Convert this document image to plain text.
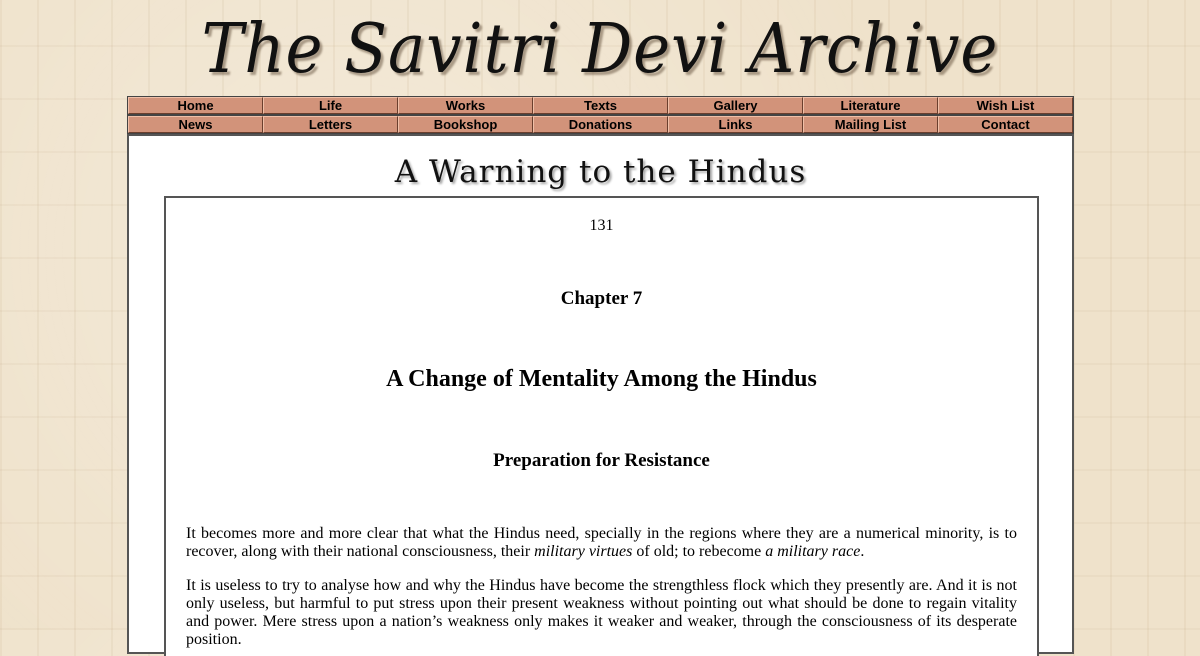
The Savitri Devi Archive
Home	Life	Works	Texts	Gallery	Literature	Wish List
News	Letters	Bookshop	Donations	Links	Mailing List	Contact
A Warning to the Hindus
131
Chapter 7
A Change of Mentality Among the Hindus
Preparation for Resistance

It becomes more and more clear that what the Hindus need, specially in the regions where they are a numerical minority, is to recover, along with their national consciousness, their military virtues of old; to rebecome a military race.

It is useless to try to analyse how and why the Hindus have become the strengthless flock which they presently are. And it is not only useless, but harmful to put stress upon their present weakness without pointing out what should be done to regain vitality and power. Mere stress upon a nation’s weakness only makes it weaker and weaker, through the consciousness of its desperate position.
